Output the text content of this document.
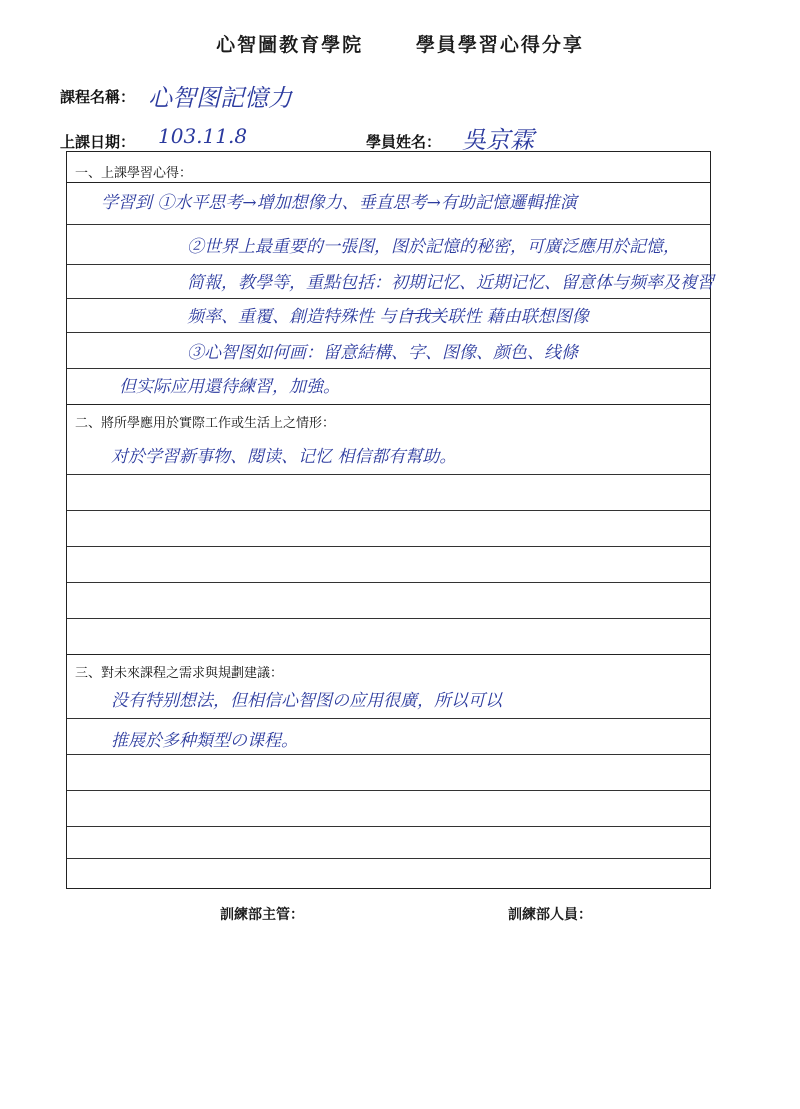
心智圖教育學院	學員學習心得分享
課程名稱： 心智图記憶力
上課日期： 103.11.8	學員姓名： 吳京霖
一、上課學習心得：
学習到 ①水平思考→增加想像力、垂直思考→有助記憶邏輯推演
②世界上最重要的一張图，图於記憶的秘密，可廣泛應用於記憶，
简報，教學等，重點包括：初期记忆、近期记忆、留意体与频率及複習
频率、重覆、創造特殊性 与自我关联性 藉由联想图像
③心智图如何画：留意結構、字、图像、颜色、线條
但实际应用還待練習，加強。
二、將所學應用於實際工作或生活上之情形：
对於学習新事物、閱读、记忆 相信都有幫助。
三、對未來課程之需求與規劃建議：
没有特别想法，但相信心智图の应用很廣，所以可以
推展於多种類型の课程。
訓練部主管：	訓練部人員：
